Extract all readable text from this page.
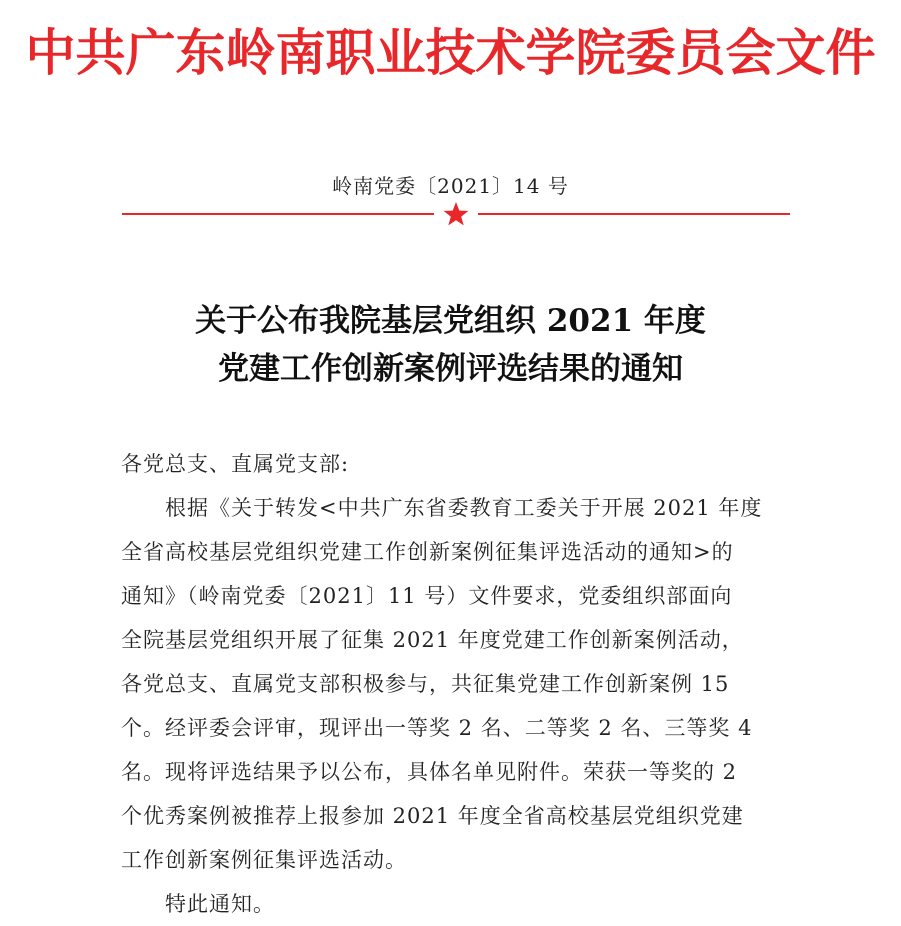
中共广东岭南职业技术学院委员会文件
岭南党委〔2021〕14 号
关于公布我院基层党组织 2021 年度
党建工作创新案例评选结果的通知
各党总支、直属党支部:
根据《关于转发<中共广东省委教育工委关于开展 2021 年度
全省高校基层党组织党建工作创新案例征集评选活动的通知>的
通知》（岭南党委〔2021〕11 号）文件要求，党委组织部面向
全院基层党组织开展了征集 2021 年度党建工作创新案例活动，
各党总支、直属党支部积极参与，共征集党建工作创新案例 15
个。经评委会评审，现评出一等奖 2 名、二等奖 2 名、三等奖 4
名。现将评选结果予以公布，具体名单见附件。荣获一等奖的 2
个优秀案例被推荐上报参加 2021 年度全省高校基层党组织党建
工作创新案例征集评选活动。
特此通知。
